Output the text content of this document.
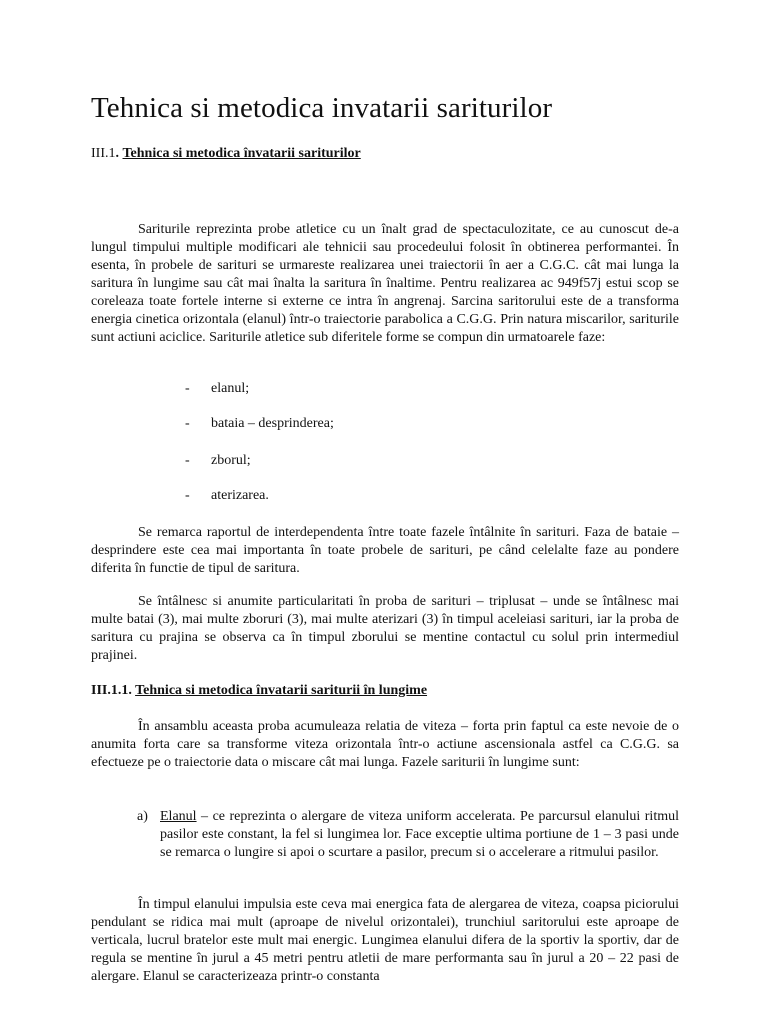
Tehnica si metodica invatarii sariturilor
III.1. Tehnica si metodica învatarii sariturilor

Sariturile reprezinta probe atletice cu un înalt grad de spectaculozitate, ce au cunoscut de-a lungul timpului multiple modificari ale tehnicii sau procedeului folosit în obtinerea performantei. În esenta, în probele de sarituri se urmareste realizarea unei traiectorii în aer a C.G.C. cât mai lunga la saritura în lungime sau cât mai înalta la saritura în înaltime. Pentru realizarea ac 949f57j estui scop se coreleaza toate fortele interne si externe ce intra în angrenaj. Sarcina saritorului este de a transforma energia cinetica orizontala (elanul) într-o traiectorie parabolica a C.G.G. Prin natura miscarilor, sariturile sunt actiuni aciclice. Sariturile atletice sub diferitele forme se compun din urmatoarele faze:

- elanul;
- bataia – desprinderea;
- zborul;
- aterizarea.

Se remarca raportul de interdependenta între toate fazele întâlnite în sarituri. Faza de bataie – desprindere este cea mai importanta în toate probele de sarituri, pe când celelalte faze au pondere diferita în functie de tipul de saritura.

Se întâlnesc si anumite particularitati în proba de sarituri – triplusat – unde se întâlnesc mai multe batai (3), mai multe zboruri (3), mai multe aterizari (3) în timpul aceleiasi sarituri, iar la proba de saritura cu prajina se observa ca în timpul zborului se mentine contactul cu solul prin intermediul prajinei.

III.1.1. Tehnica si metodica învatarii sariturii în lungime

În ansamblu aceasta proba acumuleaza relatia de viteza – forta prin faptul ca este nevoie de o anumita forta care sa transforme viteza orizontala într-o actiune ascensionala astfel ca C.G.G. sa efectueze pe o traiectorie data o miscare cât mai lunga. Fazele sariturii în lungime sunt:

a) Elanul – ce reprezinta o alergare de viteza uniform accelerata. Pe parcursul elanului ritmul pasilor este constant, la fel si lungimea lor. Face exceptie ultima portiune de 1 – 3 pasi unde se remarca o lungire si apoi o scurtare a pasilor, precum si o accelerare a ritmului pasilor.

În timpul elanului impulsia este ceva mai energica fata de alergarea de viteza, coapsa piciorului pendulant se ridica mai mult (aproape de nivelul orizontalei), trunchiul saritorului este aproape de verticala, lucrul bratelor este mult mai energic. Lungimea elanului difera de la sportiv la sportiv, dar de regula se mentine în jurul a 45 metri pentru atletii de mare performanta sau în jurul a 20 – 22 pasi de alergare. Elanul se caracterizeaza printr-o constanta
